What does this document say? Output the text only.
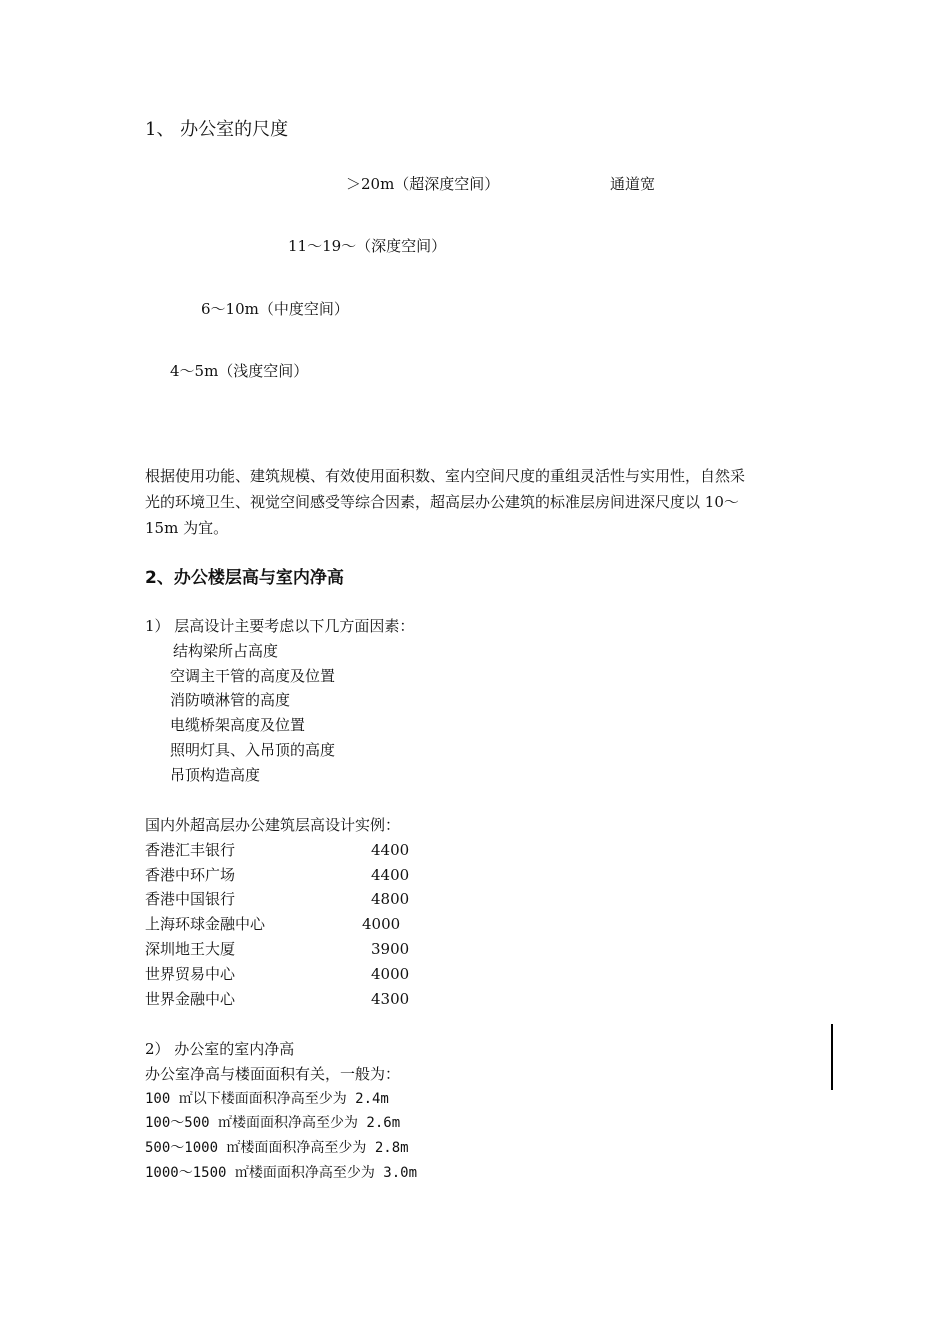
1、 办公室的尺度
＞20m（超深度空间）	通道宽
11～19～（深度空间）
6～10m（中度空间）
4～5m（浅度空间）
根据使用功能、建筑规模、有效使用面积数、室内空间尺度的重组灵活性与实用性，自然采
光的环境卫生、视觉空间感受等综合因素，超高层办公建筑的标准层房间进深尺度以 10～
15m 为宜。
2、办公楼层高与室内净高
1） 层高设计主要考虑以下几方面因素：
结构梁所占高度
空调主干管的高度及位置
消防喷淋管的高度
电缆桥架高度及位置
照明灯具、入吊顶的高度
吊顶构造高度
国内外超高层办公建筑层高设计实例：
香港汇丰银行	4400
香港中环广场	4400
香港中国银行	4800
上海环球金融中心	4000
深圳地王大厦	3900
世界贸易中心	4000
世界金融中心	4300
2） 办公室的室内净高
办公室净高与楼面面积有关，一般为：
100 ㎡以下楼面面积净高至少为 2.4m
100～500 ㎡楼面面积净高至少为 2.6m
500～1000 ㎡楼面面积净高至少为 2.8m
1000～1500 ㎡楼面面积净高至少为 3.0m
